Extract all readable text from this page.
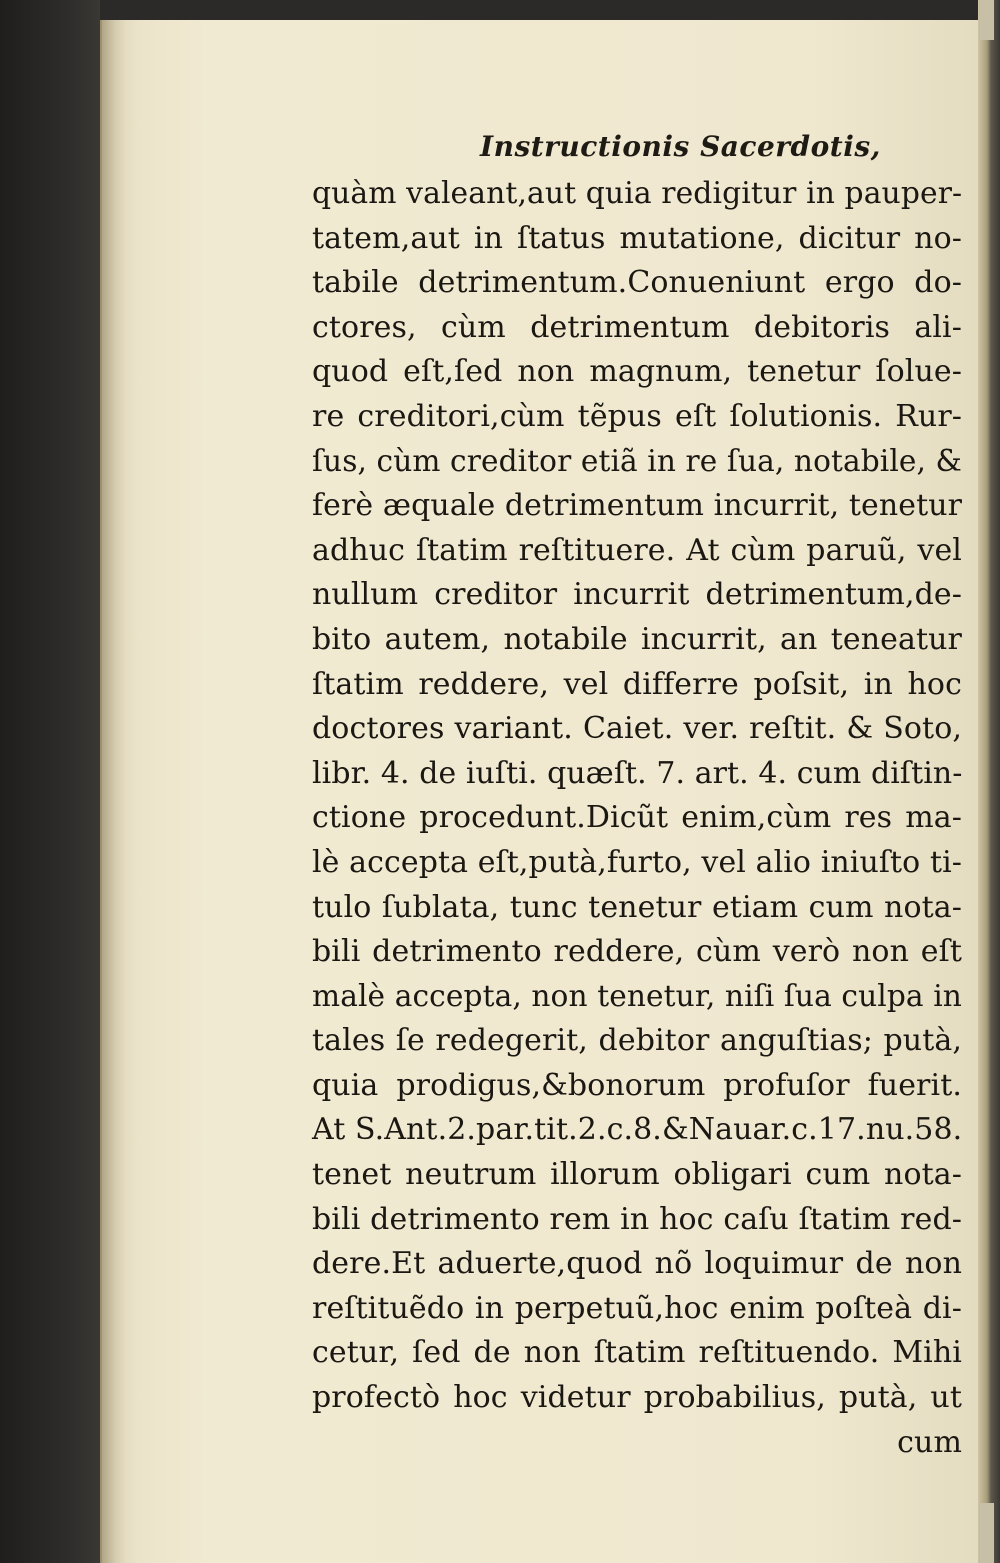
Instructionis Sacerdotis,
quàm valeant,aut quia redigitur in pauper-
tatem,aut in ſtatus mutatione, dicitur no-
tabile detrimentum.Conueniunt ergo do-
ctores, cùm detrimentum debitoris ali-
quod eſt,ſed non magnum, tenetur ſolue-
re creditori,cùm tẽpus eſt ſolutionis. Rur-
ſus, cùm creditor etiã in re ſua, notabile, &
ferè æquale detrimentum incurrit, tenetur
adhuc ſtatim reſtituere. At cùm paruũ, vel
nullum creditor incurrit detrimentum,de-
bito autem, notabile incurrit, an teneatur
ſtatim reddere, vel differre poſsit, in hoc
doctores variant. Caiet. ver. reſtit. & Soto,
libr. 4. de iuſti. quæſt. 7. art. 4. cum diſtin-
ctione procedunt.Dicũt enim,cùm res ma-
lè accepta eſt,putà,furto, vel alio iniuſto ti-
tulo ſublata, tunc tenetur etiam cum nota-
bili detrimento reddere, cùm verò non eſt
malè accepta, non tenetur, niſi ſua culpa in
tales ſe redegerit, debitor anguſtias; putà,
quia prodigus,&bonorum profuſor fuerit.
At S.Ant.2.par.tit.2.c.8.&Nauar.c.17.nu.58.
tenet neutrum illorum obligari cum nota-
bili detrimento rem in hoc caſu ſtatim red-
dere.Et aduerte,quod nõ loquimur de non
reſtituẽdo in perpetuũ,hoc enim poſteà di-
cetur, ſed de non ſtatim reſtituendo. Mihi
profectò hoc videtur probabilius, putà, ut
cum
